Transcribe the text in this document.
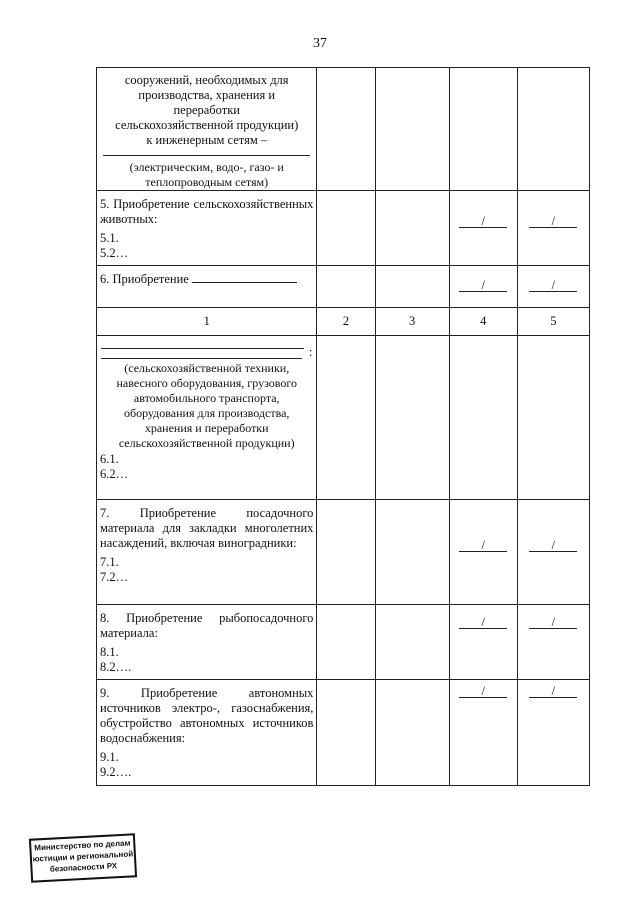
37
сооружений, необходимых для производства, хранения и переработки сельскохозяйственной продукции) к инженерным сетям –
(электрическим, водо-, газо- и теплопроводным сетям)				

5. Приобретение сельскохозяйственных животных:
5.1.
5.2…			/	/

6. Приобретение			/	/

1	2	3	4	5

:
(сельскохозяйственной техники, навесного оборудования, грузового автомобильного транспорта, оборудования для производства, хранения и переработки сельскохозяйственной продукции)
6.1.
6.2…				

7. Приобретение посадочного материала для закладки многолетних насаждений, включая виноградники:
7.1.
7.2…			/	/

8. Приобретение рыбопосадочного материала:
8.1.
8.2….			/	/

9. Приобретение автономных источников электро-, газоснабжения, обустройство автономных источников водоснабжения:
9.1.
9.2….			/	/
Министерство по делам
юстиции и региональной
безопасности РХ
